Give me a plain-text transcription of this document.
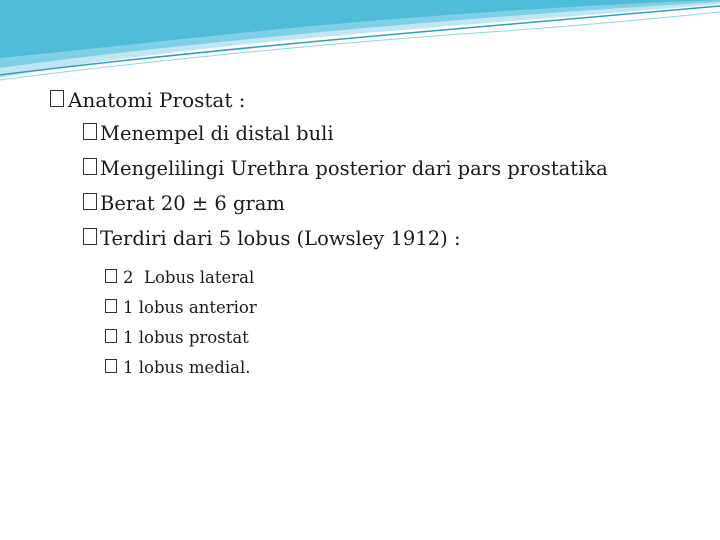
Anatomi Prostat :
Menempel di distal buli
Mengelilingi Urethra posterior dari pars prostatika
Berat 20 ± 6 gram
Terdiri dari 5 lobus (Lowsley 1912) :
2  Lobus lateral
1 lobus anterior
1 lobus prostat
1 lobus medial.
